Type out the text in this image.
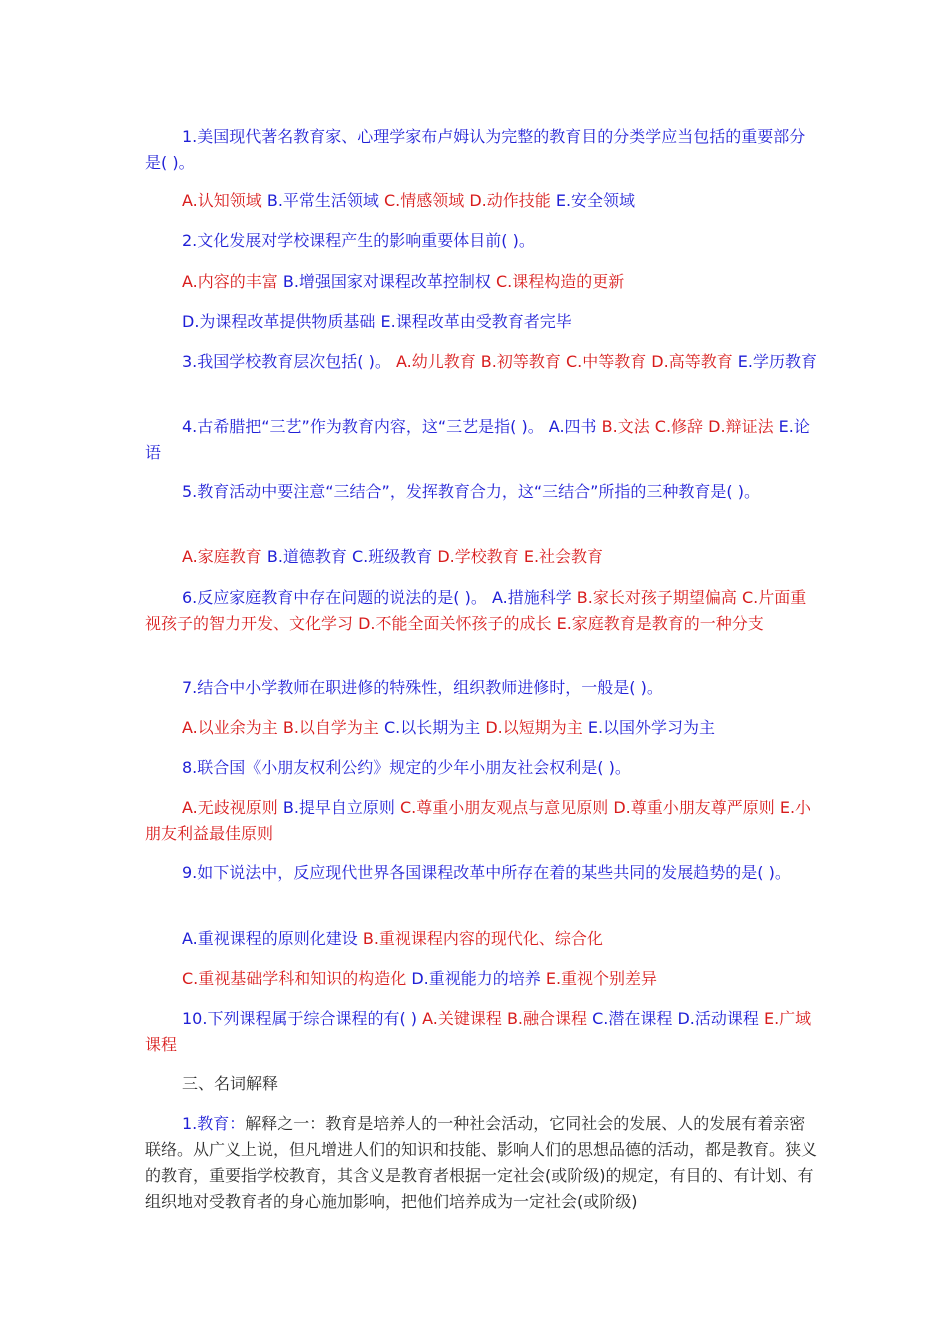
1.美国现代著名教育家、心理学家布卢姆认为完整的教育目的分类学应当包括的重要部分是( )。

A.认知领域 B.平常生活领域 C.情感领域 D.动作技能 E.安全领域

2.文化发展对学校课程产生的影响重要体目前( )。

A.内容的丰富 B.增强国家对课程改革控制权 C.课程构造的更新

D.为课程改革提供物质基础 E.课程改革由受教育者完毕

3.我国学校教育层次包括( )。 A.幼儿教育 B.初等教育 C.中等教育 D.高等教育 E.学历教育

4.古希腊把“三艺”作为教育内容，这“三艺是指( )。 A.四书 B.文法 C.修辞 D.辩证法 E.论语

5.教育活动中要注意“三结合”，发挥教育合力，这“三结合”所指的三种教育是( )。

A.家庭教育 B.道德教育 C.班级教育 D.学校教育 E.社会教育

6.反应家庭教育中存在问题的说法的是( )。 A.措施科学 B.家长对孩子期望偏高 C.片面重视孩子的智力开发、文化学习 D.不能全面关怀孩子的成长 E.家庭教育是教育的一种分支

7.结合中小学教师在职进修的特殊性，组织教师进修时，一般是( )。

A.以业余为主 B.以自学为主 C.以长期为主 D.以短期为主 E.以国外学习为主

8.联合国《小朋友权利公约》规定的少年小朋友社会权利是( )。

A.无歧视原则 B.提早自立原则 C.尊重小朋友观点与意见原则 D.尊重小朋友尊严原则 E.小朋友利益最佳原则

9.如下说法中，反应现代世界各国课程改革中所存在着的某些共同的发展趋势的是( )。

A.重视课程的原则化建设 B.重视课程内容的现代化、综合化

C.重视基础学科和知识的构造化 D.重视能力的培养 E.重视个别差异

10.下列课程属于综合课程的有( ) A.关键课程 B.融合课程 C.潜在课程 D.活动课程 E.广域课程

三、名词解释

1.教育：解释之一：教育是培养人的一种社会活动，它同社会的发展、人的发展有着亲密联络。从广义上说，但凡增进人们的知识和技能、影响人们的思想品德的活动，都是教育。狭义的教育，重要指学校教育，其含义是教育者根据一定社会(或阶级)的规定，有目的、有计划、有组织地对受教育者的身心施加影响，把他们培养成为一定社会(或阶级)
